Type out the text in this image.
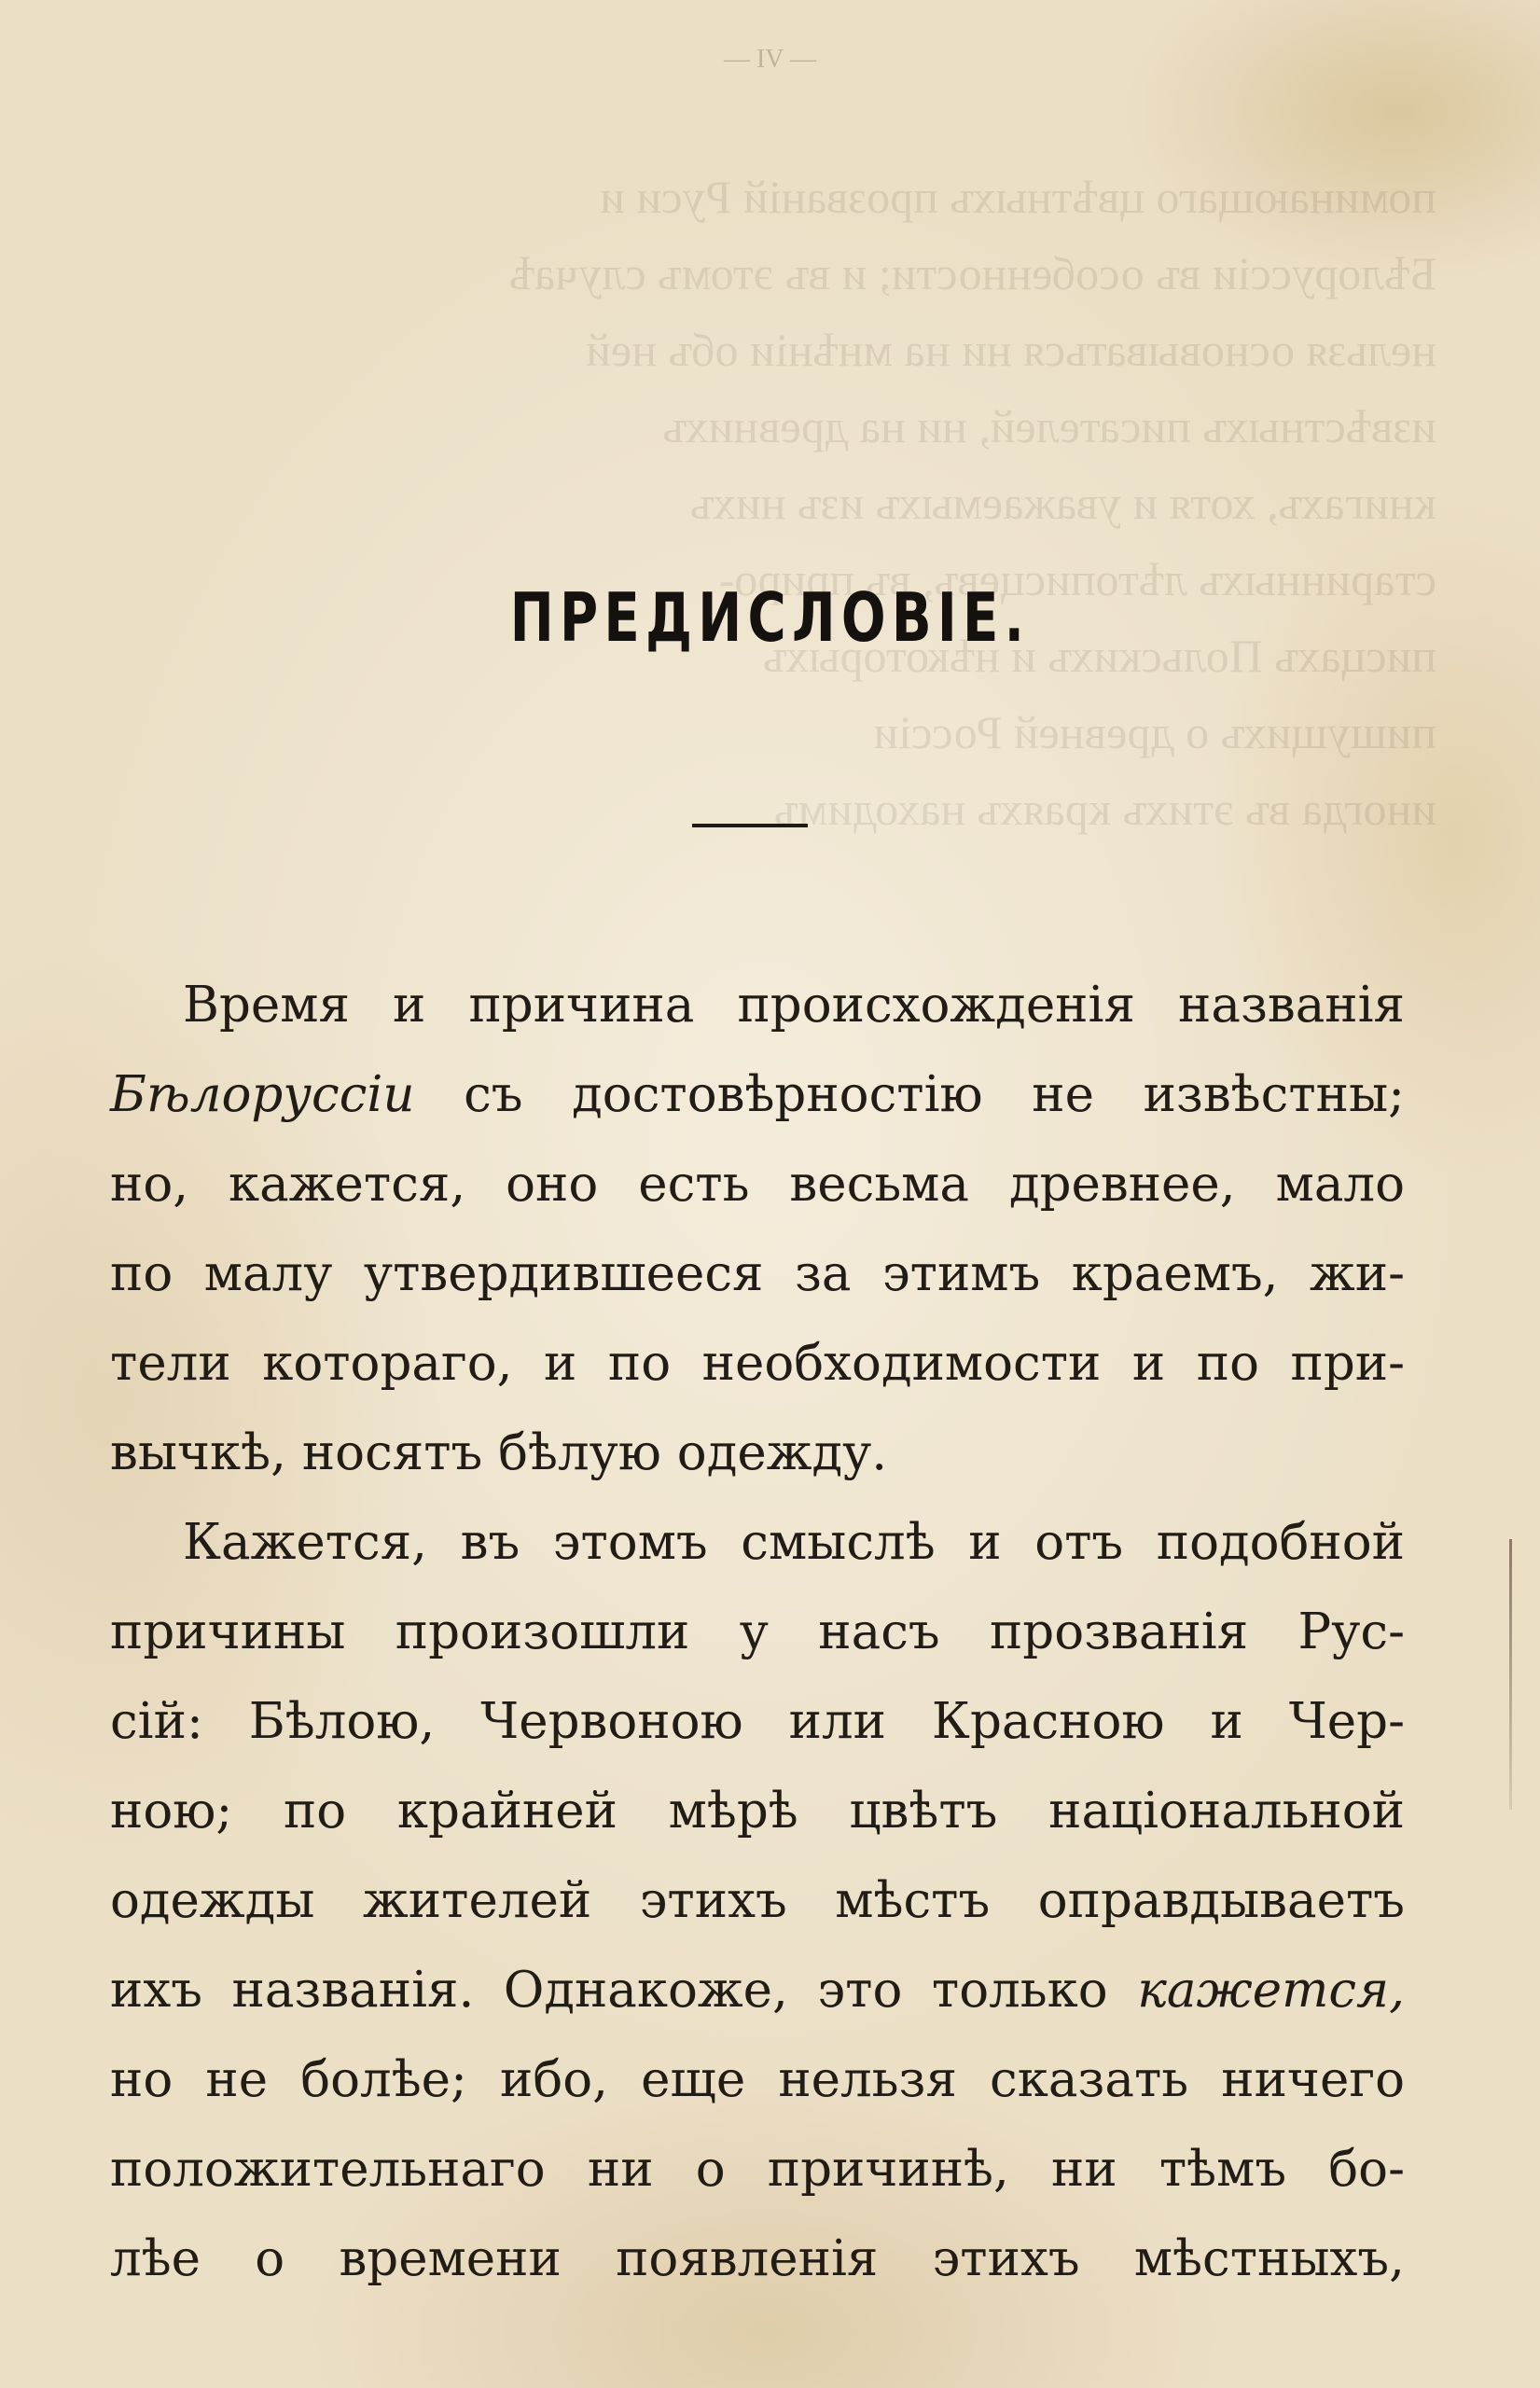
поминающаго цвѣтныхъ прозваній Руси и
Бѣлоруссіи въ особенности; и въ этомъ случаѣ
нельзя основываться ни на мнѣніи объ ней
извѣстныхъ писателей, ни на древнихъ
книгахъ, хотя и уважаемыхъ изъ нихъ
старинныхъ лѣтописцевъ, въ приро-
писцахъ Польскихъ и нѣкоторыхъ
пишущихъ о древней Россіи
иногда въ этихъ краяхъ находимъ
— IV —
ПРЕДИСЛОВІЕ.
Время и причина происхожденія названія
Бѣлоруссіи съ достовѣрностію не извѣстны;
но, кажется, оно есть весьма древнее, мало
по малу утвердившееся за этимъ краемъ, жи-
тели котораго, и по необходимости и по при-
вычкѣ, носятъ бѣлую одежду.
Кажется, въ этомъ смыслѣ и отъ подобной
причины произошли у насъ прозванія Рус-
сій: Бѣлою, Червоною или Красною и Чер-
ною; по крайней мѣрѣ цвѣтъ національной
одежды жителей этихъ мѣстъ оправдываетъ
ихъ названія. Однакоже, это только кажется,
но не болѣе; ибо, еще нельзя сказать ничего
положительнаго ни о причинѣ, ни тѣмъ бо-
лѣе о времени появленія этихъ мѣстныхъ,
